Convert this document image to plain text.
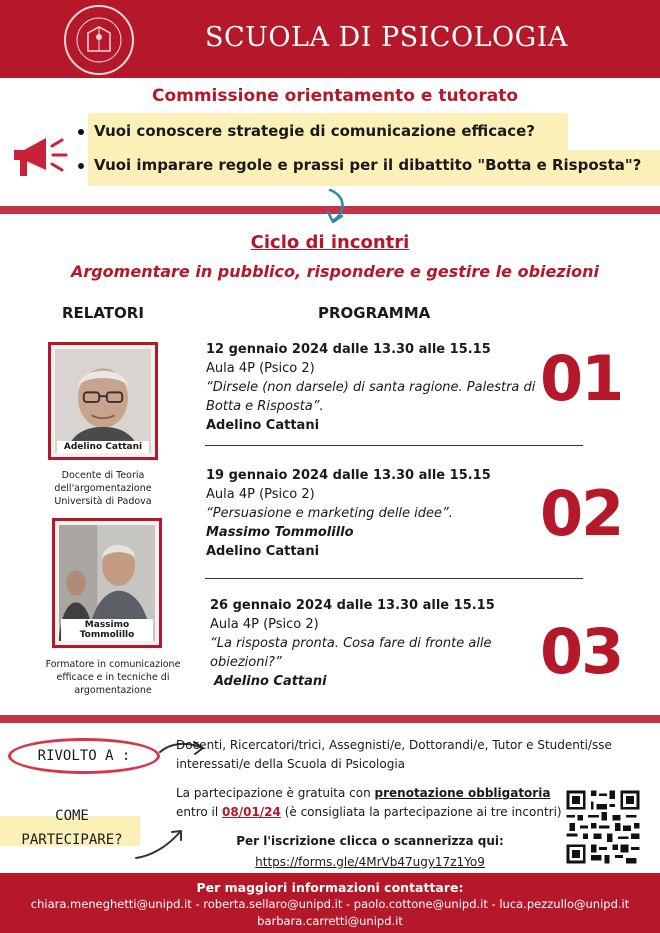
SCUOLA DI PSICOLOGIA
Commissione orientamento e tutorato
Vuoi conoscere strategie di comunicazione efficace?
Vuoi imparare regole e prassi per il dibattito "Botta e Risposta"?
Ciclo di incontri
Argomentare in pubblico, rispondere e gestire le obiezioni
RELATORI	PROGRAMMA
Adelino Cattani
Docente di Teoria dell'argomentazione Università di Padova
Massimo Tommolillo
Formatore in comunicazione efficace e in tecniche di argomentazione
12 gennaio 2024 dalle 13.30 alle 15.15
Aula 4P (Psico 2)
“Dirsele (non darsele) di santa ragione. Palestra di Botta e Risposta”.
Adelino Cattani
01
19 gennaio 2024 dalle 13.30 alle 15.15
Aula 4P (Psico 2)
“Persuasione e marketing delle idee”.
Massimo Tommolillo
Adelino Cattani
02
26 gennaio 2024 dalle 13.30 alle 15.15
Aula 4P (Psico 2)
“La risposta pronta. Cosa fare di fronte alle obiezioni?”
Adelino Cattani	03
RIVOLTO A :
Docenti, Ricercatori/trici, Assegnisti/e, Dottorandi/e, Tutor e Studenti/sse interessati/e della Scuola di Psicologia
COME PARTECIPARE?
La partecipazione è gratuita con prenotazione obbligatoria entro il 08/01/24 (è consigliata la partecipazione ai tre incontri)
Per l'iscrizione clicca o scannerizza qui:
https://forms.gle/4MrVb47ugy17z1Yo9
Per maggiori informazioni contattare:
chiara.meneghetti@unipd.it - roberta.sellaro@unipd.it - paolo.cottone@unipd.it - luca.pezzullo@unipd.it
barbara.carretti@unipd.it
